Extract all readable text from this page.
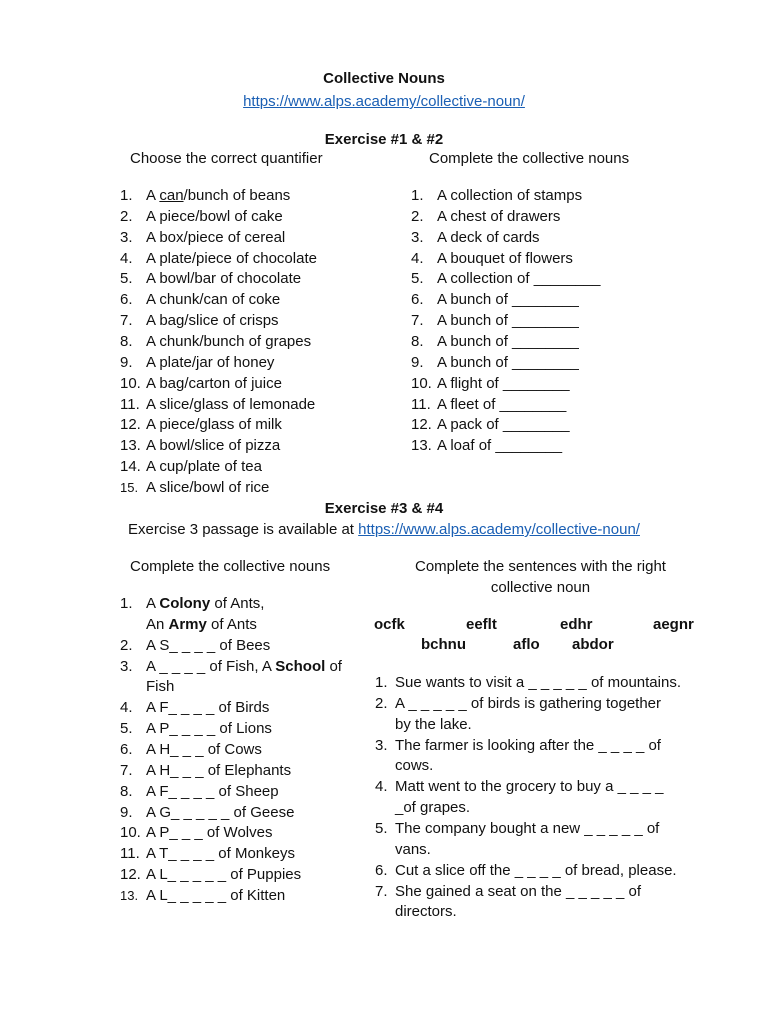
Collective Nouns
https://www.alps.academy/collective-noun/
Exercise #1 & #2
Choose the correct quantifier	Complete the collective nouns
1. A can/bunch of beans
2. A piece/bowl of cake
3. A box/piece of cereal
4. A plate/piece of chocolate
5. A bowl/bar of chocolate
6. A chunk/can of coke
7. A bag/slice of crisps
8. A chunk/bunch of grapes
9. A plate/jar of honey
10. A bag/carton of juice
11. A slice/glass of lemonade
12. A piece/glass of milk
13. A bowl/slice of pizza
14. A cup/plate of tea
15. A slice/bowl of rice
1. A collection of stamps
2. A chest of drawers
3. A deck of cards
4. A bouquet of flowers
5. A collection of ________
6. A bunch of ________
7. A bunch of ________
8. A bunch of ________
9. A bunch of ________
10. A flight of ________
11. A fleet of ________
12. A pack of ________
13. A loaf of ________
Exercise #3 & #4
Exercise 3 passage is available at https://www.alps.academy/collective-noun/
Complete the collective nouns	Complete the sentences with the right
collective noun
1. A Colony of Ants,
An Army of Ants
2. A S_ _ _ _ of Bees
3. A _ _ _ _ of Fish, A School of
Fish
4. A F_ _ _ _ of Birds
5. A P_ _ _ _ of Lions
6. A H_ _ _ of Cows
7. A H_ _ _ of Elephants
8. A F_ _ _ _ of Sheep
9. A G_ _ _ _ _ of Geese
10. A P_ _ _ of Wolves
11. A T_ _ _ _ of Monkeys
12. A L_ _ _ _ _ of Puppies
13. A L_ _ _ _ _ of Kitten
ocfk	eeflt	edhr	aegnr
bchnu	aflo abdor
1. Sue wants to visit a _ _ _ _ _ of mountains.
2. A _ _ _ _ _ of birds is gathering together
by the lake.
3. The farmer is looking after the _ _ _ _ of
cows.
4. Matt went to the grocery to buy a _ _ _ _
_of grapes.
5. The company bought a new _ _ _ _ _ of
vans.
6. Cut a slice off the _ _ _ _ of bread, please.
7. She gained a seat on the _ _ _ _ _ of
directors.
